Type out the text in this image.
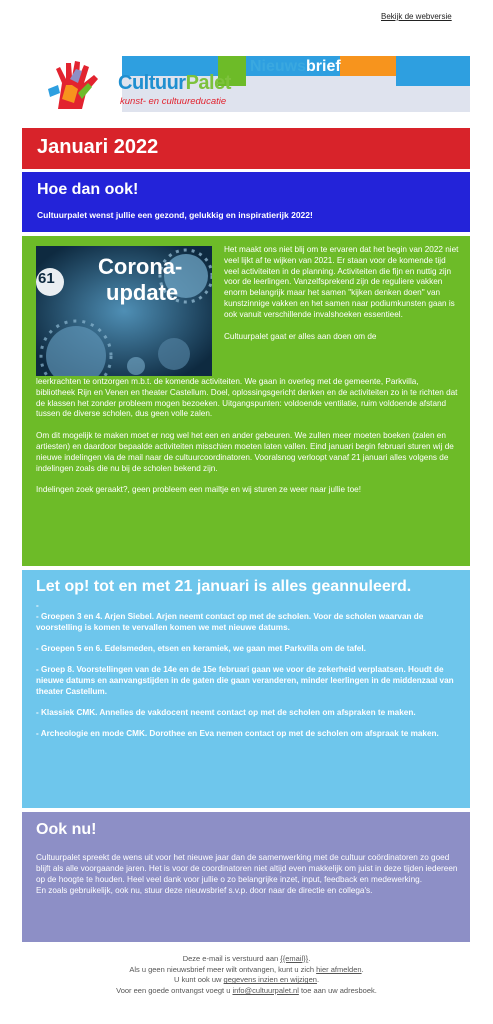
Bekijk de webversie
CultuurPalet
kunst- en cultuureducatie
Nieuwsbrief
Januari 2022
Hoe dan ook!
Cultuurpalet wenst jullie een gezond, gelukkig en inspiratierijk 2022!
61 Corona-
update

Het maakt ons niet blij om te ervaren dat het begin van 2022 niet veel lijkt af te wijken van 2021. Er staan voor de komende tijd veel activiteiten in de planning. Activiteiten die fijn en nuttig zijn voor de leerlingen. Vanzelfsprekend zijn de reguliere vakken enorm belangrijk maar het samen "kijken denken doen" van kunstzinnige vakken en het samen naar podiumkunsten gaan is ook vanuit verschillende invalshoeken essentieel.

Cultuurpalet gaat er alles aan doen om de

leerkrachten te ontzorgen m.b.t. de komende activiteiten. We gaan in overleg met de gemeente, Parkvilla, bibliotheek Rijn en Venen en theater Castellum. Doel, oplossingsgericht denken en de activiteiten zo in te richten dat de klassen het zonder probleem mogen bezoeken. Uitgangspunten: voldoende ventilatie, ruim voldoende afstand tussen de diverse scholen, dus geen volle zalen.

Om dit mogelijk te maken moet er nog wel het een en ander gebeuren. We zullen meer moeten boeken (zalen en artiesten) en daardoor bepaalde activiteiten misschien moeten laten vallen. Eind januari begin februari sturen wij de nieuwe indelingen via de mail naar de cultuurcoordinatoren. Vooralsnog verloopt vanaf 21 januari alles volgens de indelingen zoals die nu bij de scholen bekend zijn.

Indelingen zoek geraakt?, geen probleem een mailtje en wij sturen ze weer naar jullie toe!

Let op! tot en met 21 januari is alles geannuleerd.
-
- Groepen 3 en 4. Arjen Siebel. Arjen neemt contact op met de scholen. Voor de scholen waarvan de voorstelling is komen te vervallen komen we met nieuwe datums.
- Groepen 5 en 6. Edelsmeden, etsen en keramiek, we gaan met Parkvilla om de tafel.
- Groep 8. Voorstellingen van de 14e en de 15e februari gaan we voor de zekerheid verplaatsen. Houdt de nieuwe datums en aanvangstijden in de gaten die gaan veranderen, minder leerlingen in de middenzaal van theater Castellum.
- Klassiek CMK. Annelies de vakdocent neemt contact op met de scholen om afspraken te maken.
- Archeologie en mode CMK. Dorothee en Eva nemen contact op met de scholen om afspraak te maken.
Ook nu!
Cultuurpalet spreekt de wens uit voor het nieuwe jaar dan de samenwerking met de cultuur coördinatoren zo goed blijft als alle voorgaande jaren. Het is voor de coordinatoren niet altijd even makkelijk om juist in deze tijden iedereen op de hoogte te houden. Heel veel dank voor jullie o zo belangrijke inzet, input, feedback en medewerking.
En zoals gebruikelijk, ook nu, stuur deze nieuwsbrief s.v.p. door naar de directie en collega's.
Deze e-mail is verstuurd aan {{email}}.
Als u geen nieuwsbrief meer wilt ontvangen, kunt u zich hier afmelden.
U kunt ook uw gegevens inzien en wijzigen.
Voor een goede ontvangst voegt u info@cultuurpalet.nl toe aan uw adresboek.
